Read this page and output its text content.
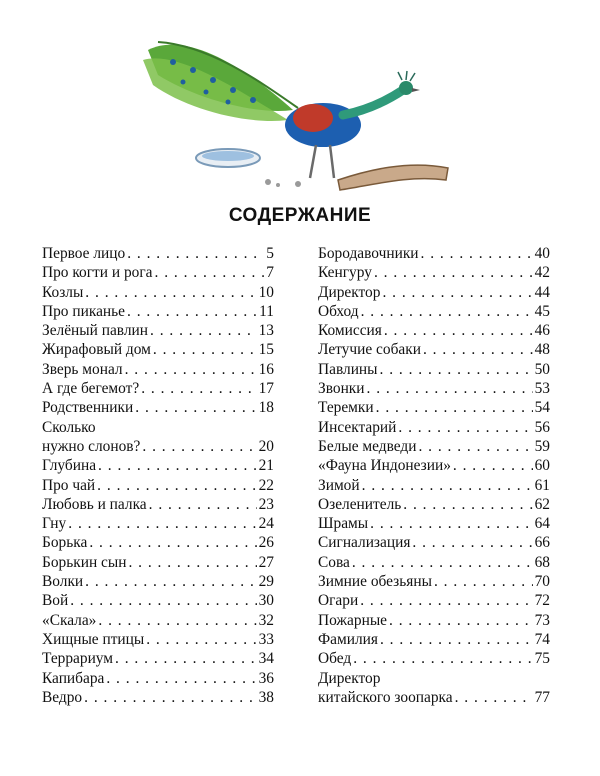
СОДЕРЖАНИЕ
Первое лицо . . .	5
Про когти и рога . . .	7
Козлы . . .	10
Про пиканье . . .	11
Зелёный павлин . . .	13
Жирафовый дом . . .	15
Зверь монал . . .	16
А где бегемот? . . .	17
Родственники . . .	18
Сколько
нужно слонов? . . .	20
Глубина . . .	21
Про чай . . .	22
Любовь и палка . . .	23
Гну . . .	24
Борька . . .	26
Борькин сын . . .	27
Волки . . .	29
Вой . . .	30
«Скала» . . .	32
Хищные птицы . . .	33
Террариум . . .	34
Капибара . . .	36
Ведро . . .	38
Бородавочники . . .	40
Кенгуру . . .	42
Директор . . .	44
Обход . . .	45
Комиссия . . .	46
Летучие собаки . . .	48
Павлины . . .	50
Звонки . . .	53
Теремки . . .	54
Инсектарий . . .	56
Белые медведи . . .	59
«Фауна Индонезии» . . .	60
Зимой . . .	61
Озеленитель . . .	62
Шрамы . . .	64
Сигнализация . . .	66
Сова . . .	68
Зимние обезьяны . . .	70
Огари . . .	72
Пожарные . . .	73
Фамилия . . .	74
Обед . . .	75
Директор
китайского зоопарка . . .	77
